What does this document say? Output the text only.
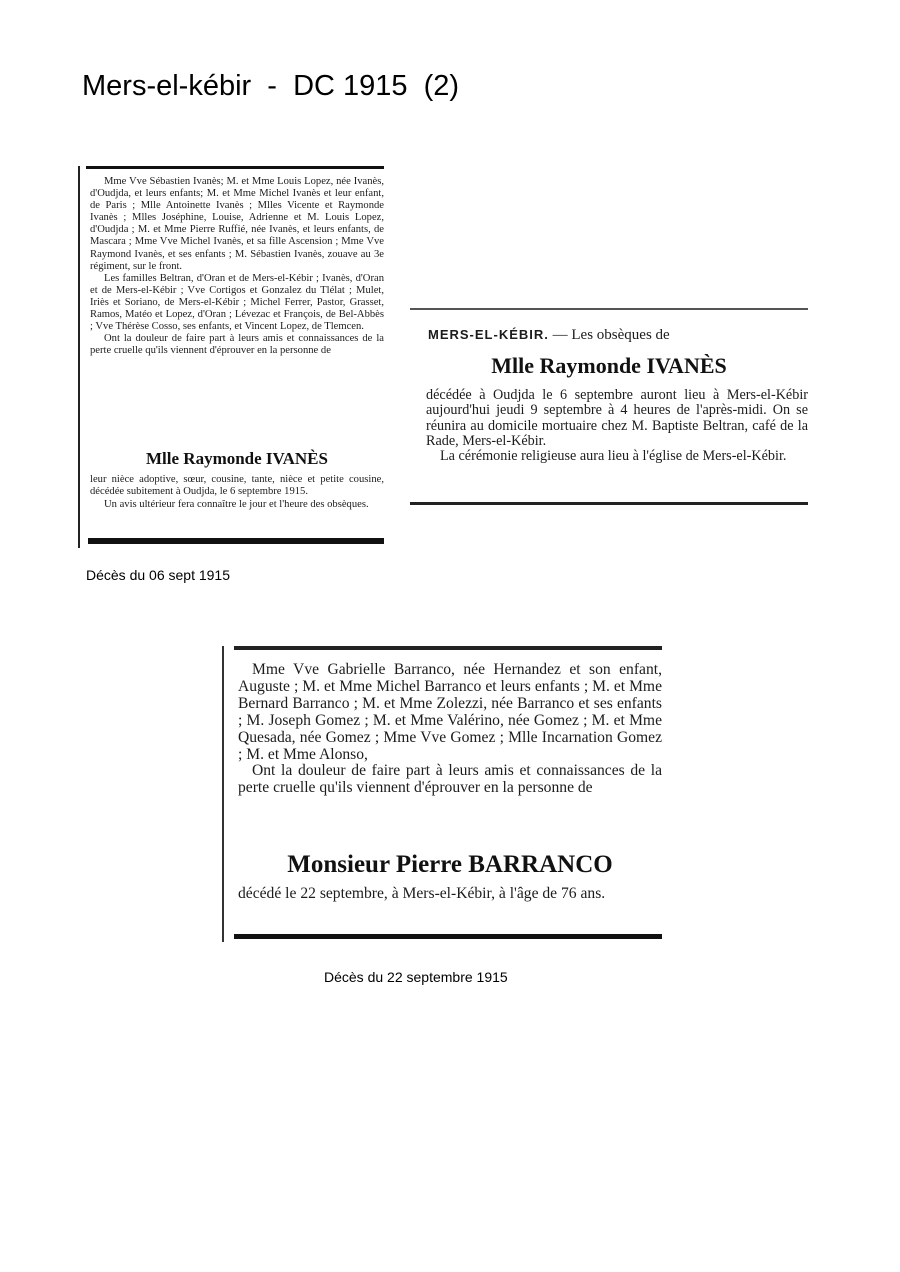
Mers-el-kébir  -  DC 1915  (2)

Mme Vve Sébastien Ivanès; M. et Mme Louis Lopez, née Ivanès, d'Oudjda, et leurs enfants; M. et Mme Michel Ivanès et leur enfant, de Paris ; Mlle Antoinette Ivanès ; Mlles Vicente et Raymonde Ivanès ; Mlles Joséphine, Louise, Adrienne et M. Louis Lopez, d'Oudjda ; M. et Mme Pierre Ruffié, née Ivanès, et leurs enfants, de Mascara ; Mme Vve Michel Ivanès, et sa fille Ascension ; Mme Vve Raymond Ivanès, et ses enfants ; M. Sébastien Ivanès, zouave au 3e régiment, sur le front.

Les familles Beltran, d'Oran et de Mers-el-Kébir ; Ivanès, d'Oran et de Mers-el-Kébir ; Vve Cortigos et Gonzalez du Tlélat ; Mulet, Iriès et Soriano, de Mers-el-Kébir ; Michel Ferrer, Pastor, Grasset, Ramos, Matéo et Lopez, d'Oran ; Lévezac et François, de Bel-Abbès ; Vve Thérèse Cosso, ses enfants, et Vincent Lopez, de Tlemcen.

Ont la douleur de faire part à leurs amis et connaissances de la perte cruelle qu'ils viennent d'éprouver en la personne de

Mlle Raymonde IVANÈS

leur nièce adoptive, sœur, cousine, tante, nièce et petite cousine, décédée subitement à Oudjda, le 6 septembre 1915.

Un avis ultérieur fera connaître le jour et l'heure des obsèques.

Décès du 06 sept 1915
MERS-EL-KÉBIR. — Les obsèques de
Mlle Raymonde IVANÈS

décédée à Oudjda le 6 septembre auront lieu à Mers-el-Kébir aujourd'hui jeudi 9 septembre à 4 heures de l'après-midi. On se réunira au domicile mortuaire chez M. Baptiste Beltran, café de la Rade, Mers-el-Kébir.

La cérémonie religieuse aura lieu à l'église de Mers-el-Kébir.

Mme Vve Gabrielle Barranco, née Hernandez et son enfant, Auguste ; M. et Mme Michel Barranco et leurs enfants ; M. et Mme Bernard Barranco ; M. et Mme Zolezzi, née Barranco et ses enfants ; M. Joseph Gomez ; M. et Mme Valérino, née Gomez ; M. et Mme Quesada, née Gomez ; Mme Vve Gomez ; Mlle Incarnation Gomez ; M. et Mme Alonso,

Ont la douleur de faire part à leurs amis et connaissances de la perte cruelle qu'ils viennent d'éprouver en la personne de

Monsieur Pierre BARRANCO

décédé le 22 septembre, à Mers-el-Kébir, à l'âge de 76 ans.

Décès du 22 septembre 1915
